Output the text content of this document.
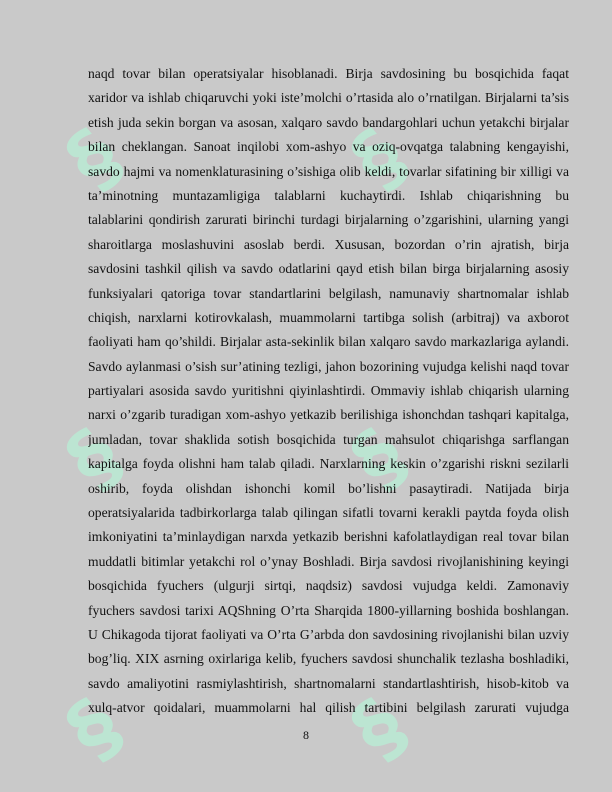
§	§
§	§
§	§
naqd tovar bilan operatsiyalar hisoblanadi. Birja savdosining bu bosqichida faqat
xaridor va ishlab chiqaruvchi yoki iste’molchi o’rtasida alo o’rnatilgan. Birjalarni ta’sis
etish juda sekin borgan va asosan, xalqaro savdo bandargohlari uchun yetakchi birjalar
bilan cheklangan. Sanoat inqilobi xom-ashyo va oziq-ovqatga talabning kengayishi,
savdo hajmi va nomenklaturasining o’sishiga olib keldi, tovarlar sifatining bir xilligi va
ta’minotning muntazamligiga talablarni kuchaytirdi. Ishlab chiqarishning bu
talablarini qondirish zarurati birinchi turdagi birjalarning o’zgarishini, ularning yangi
sharoitlarga moslashuvini asoslab berdi. Xususan, bozordan o’rin ajratish, birja
savdosini tashkil qilish va savdo odatlarini qayd etish bilan birga birjalarning asosiy
funksiyalari qatoriga tovar standartlarini belgilash, namunaviy shartnomalar ishlab
chiqish, narxlarni kotirovkalash, muammolarni tartibga solish (arbitraj) va axborot
faoliyati ham qo’shildi. Birjalar asta-sekinlik bilan xalqaro savdo markazlariga aylandi.
Savdo aylanmasi o’sish sur’atining tezligi, jahon bozorining vujudga kelishi naqd tovar
partiyalari asosida savdo yuritishni qiyinlashtirdi. Ommaviy ishlab chiqarish ularning
narxi o’zgarib turadigan xom-ashyo yetkazib berilishiga ishonchdan tashqari kapitalga,
jumladan, tovar shaklida sotish bosqichida turgan mahsulot chiqarishga sarflangan
kapitalga foyda olishni ham talab qiladi. Narxlarning keskin o’zgarishi riskni sezilarli
oshirib, foyda olishdan ishonchi komil bo’lishni pasaytiradi. Natijada birja
operatsiyalarida tadbirkorlarga talab qilingan sifatli tovarni kerakli paytda foyda olish
imkoniyatini ta’minlaydigan narxda yetkazib berishni kafolatlaydigan real tovar bilan
muddatli bitimlar yetakchi rol o’ynay Boshladi. Birja savdosi rivojlanishining keyingi
bosqichida fyuchers (ulgurji sirtqi, naqdsiz) savdosi vujudga keldi. Zamonaviy
fyuchers savdosi tarixi AQShning O’rta Sharqida 1800-yillarning boshida boshlangan.
U Chikagoda tijorat faoliyati va O’rta G’arbda don savdosining rivojlanishi bilan uzviy
bog’liq. XIX asrning oxirlariga kelib, fyuchers savdosi shunchalik tezlasha boshladiki,
savdo amaliyotini rasmiylashtirish, shartnomalarni standartlashtirish, hisob-kitob va
xulq-atvor qoidalari, muammolarni hal qilish tartibini belgilash zarurati vujudga
8
